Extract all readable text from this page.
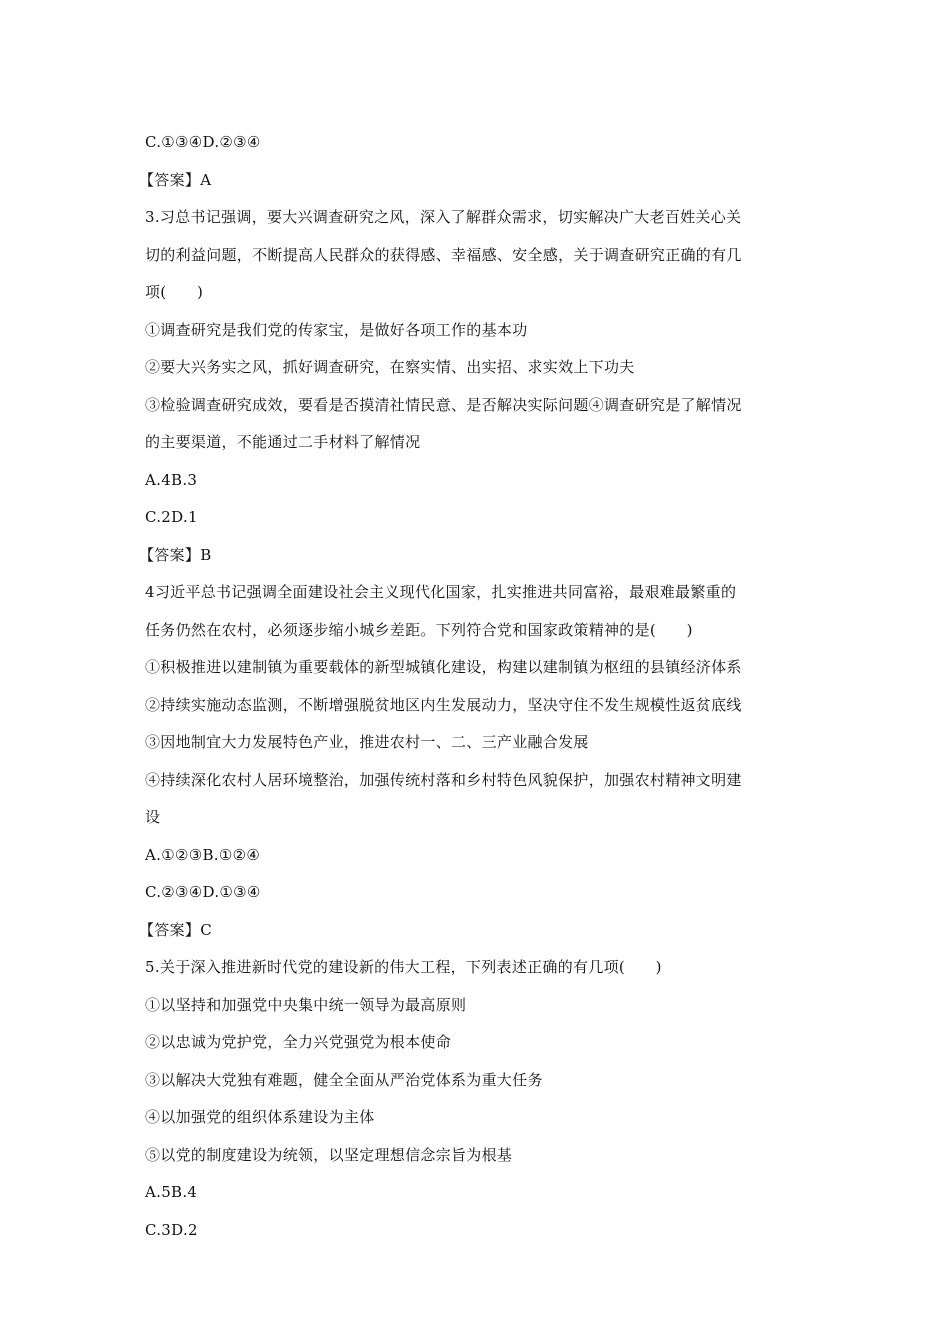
C.①③④D.②③④
【答案】A
3.习总书记强调，要大兴调查研究之风，深入了解群众需求，切实解决广大老百姓关心关
切的利益问题，不断提高人民群众的获得感、幸福感、安全感，关于调查研究正确的有几
项(　　)
①调查研究是我们党的传家宝，是做好各项工作的基本功
②要大兴务实之风，抓好调查研究，在察实情、出实招、求实效上下功夫
③检验调查研究成效，要看是否摸清社情民意、是否解决实际问题④调查研究是了解情况
的主要渠道，不能通过二手材料了解情况
A.4B.3
C.2D.1
【答案】B
4习近平总书记强调全面建设社会主义现代化国家，扎实推进共同富裕，最艰难最繁重的
任务仍然在农村，必须逐步缩小城乡差距。下列符合党和国家政策精神的是(　　)
①积极推进以建制镇为重要载体的新型城镇化建设，构建以建制镇为枢纽的县镇经济体系
②持续实施动态监测，不断增强脱贫地区内生发展动力，坚决守住不发生规模性返贫底线
③因地制宜大力发展特色产业，推进农村一、二、三产业融合发展
④持续深化农村人居环境整治，加强传统村落和乡村特色风貌保护，加强农村精神文明建
设
A.①②③B.①②④
C.②③④D.①③④
【答案】C
5.关于深入推进新时代党的建设新的伟大工程，下列表述正确的有几项(　　)
①以坚持和加强党中央集中统一领导为最高原则
②以忠诚为党护党，全力兴党强党为根本使命
③以解决大党独有难题，健全全面从严治党体系为重大任务
④以加强党的组织体系建设为主体
⑤以党的制度建设为统领，以坚定理想信念宗旨为根基
A.5B.4
C.3D.2
